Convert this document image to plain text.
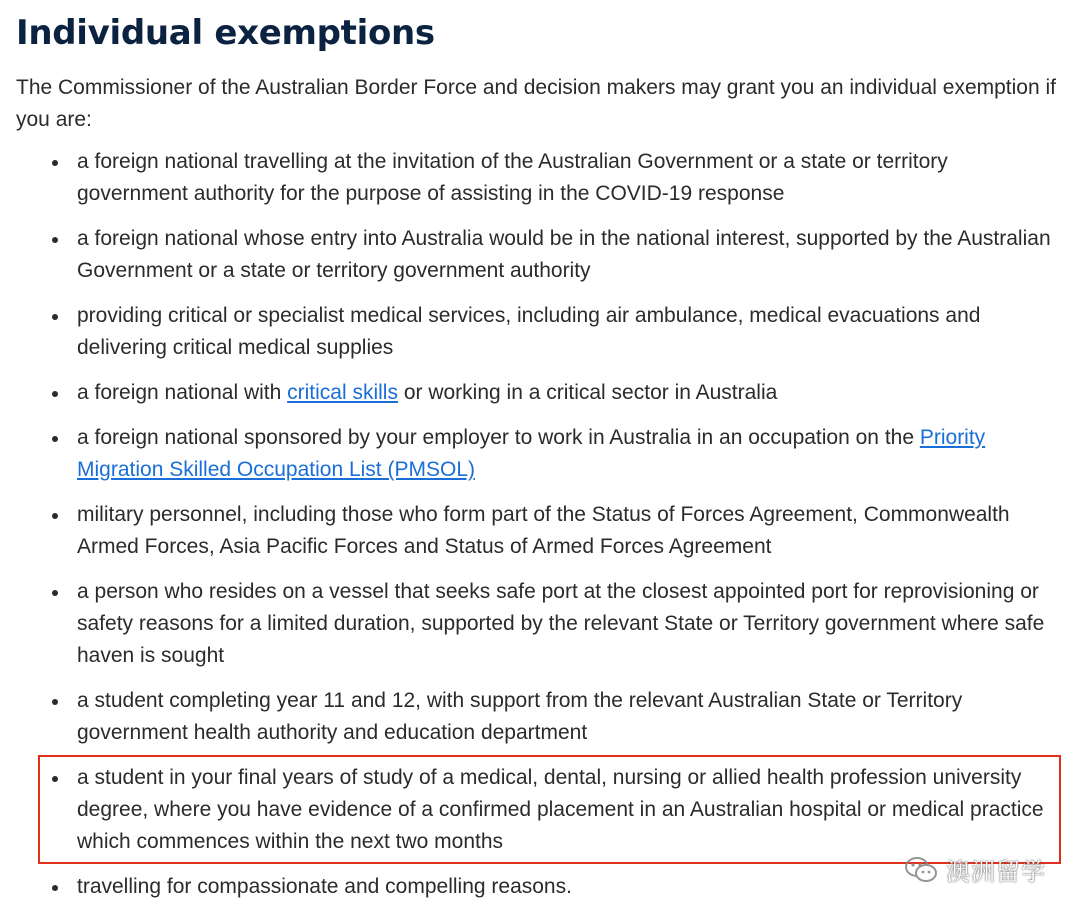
Individual exemptions

The Commissioner of the Australian Border Force and decision makers may grant you an individual exemption if you are:

a foreign national travelling at the invitation of the Australian Government or a state or territory government authority for the purpose of assisting in the COVID-19 response
a foreign national whose entry into Australia would be in the national interest, supported by the Australian Government or a state or territory government authority
providing critical or specialist medical services, including air ambulance, medical evacuations and delivering critical medical supplies
a foreign national with critical skills or working in a critical sector in Australia
a foreign national sponsored by your employer to work in Australia in an occupation on the Priority Migration Skilled Occupation List (PMSOL)
military personnel, including those who form part of the Status of Forces Agreement, Commonwealth Armed Forces, Asia Pacific Forces and Status of Armed Forces Agreement
a person who resides on a vessel that seeks safe port at the closest appointed port for reprovisioning or safety reasons for a limited duration, supported by the relevant State or Territory government where safe haven is sought
a student completing year 11 and 12, with support from the relevant Australian State or Territory government health authority and education department
a student in your final years of study of a medical, dental, nursing or allied health profession university degree, where you have evidence of a confirmed placement in an Australian hospital or medical practice which commences within the next two months
travelling for compassionate and compelling reasons.
澳洲留学
